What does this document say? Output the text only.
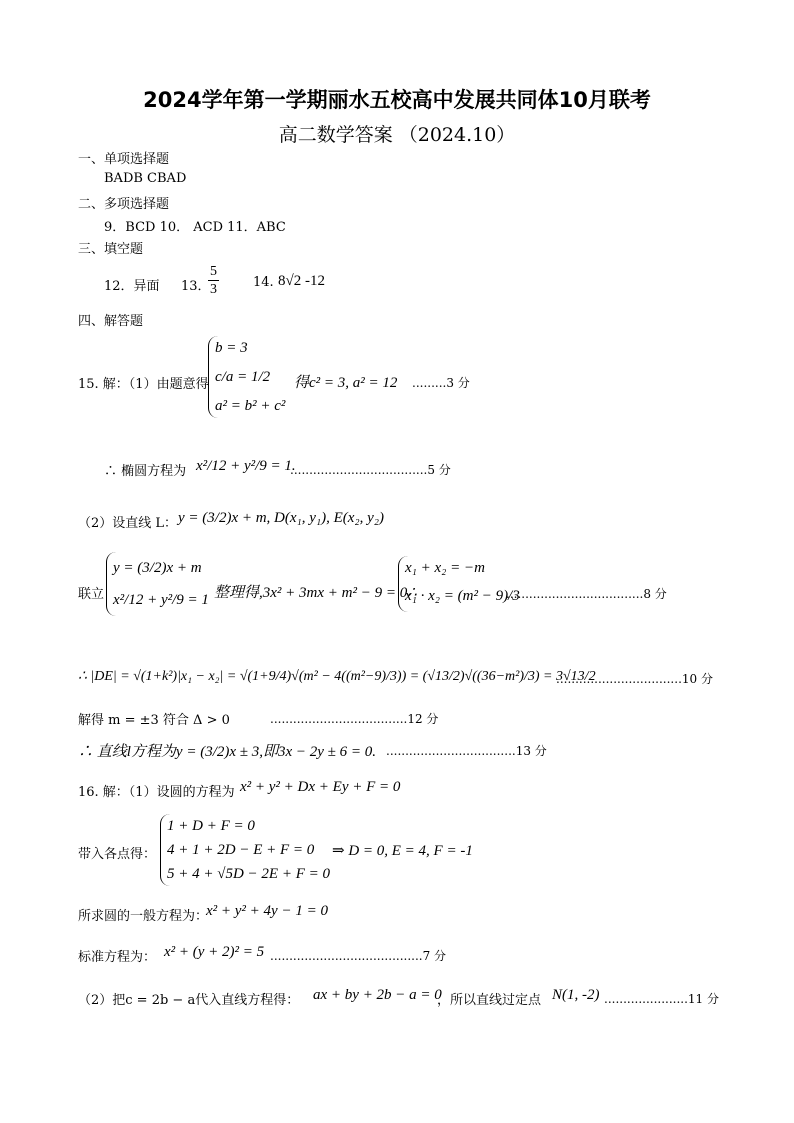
2024学年第一学期丽水五校高中发展共同体10月联考
高二数学答案 （2024.10）
一、单项选择题
BADB CBAD
二、多项选择题
9．BCD 10． ACD 11．ABC
三、填空题
12．异面 13．
$\frac{5}{3}$	14. 8√2 -12
四、解答题
15. 解：（1）由题意得
b = 3
c/a = 1/2
a² = b² + c²
得c² = 3, a² = 12 .........3 分
∴ 椭圆方程为 x²/12 + y²/9 = 1.
....................................5 分
（2）设直线 L： y = (3/2)x + m, D(x₁, y₁), E(x₂, y₂)
联立
y = (3/2)x + m
x²/12 + y²/9 = 1 整理得,3x² + 3mx + m² − 9 = 0∴
x₁ + x₂ = −m
x₁ · x₂ = (m² − 9)/3
....................................8 分
∴ |DE| = √(1+k²)|x₁ − x₂| = √(1+9/4)√(m² − 4((m²−9)/3)) = (√13/2)√((36−m²)/3) = 3√13/2
.................................10 分
解得 m = ±3 符合 Δ > 0	....................................12 分
∴ 直线l方程为y = (3/2)x ± 3,即3x − 2y ± 6 = 0. ..................................13 分
16. 解：（1）设圆的方程为 x² + y² + Dx + Ey + F = 0
带入各点得：
1 + D + F = 0
4 + 1 + 2D − E + F = 0
5 + 4 + √5D − 2E + F = 0
⇒ D = 0, E = 4, F = -1
所求圆的一般方程为：
x² + y² + 4y − 1 = 0
标准方程为： x² + (y + 2)² = 5 ........................................7 分
（2）把c = 2b − a代入直线方程得： ax + by + 2b − a = 0
，所以直线过定点 N(1, -2) ......................11 分
